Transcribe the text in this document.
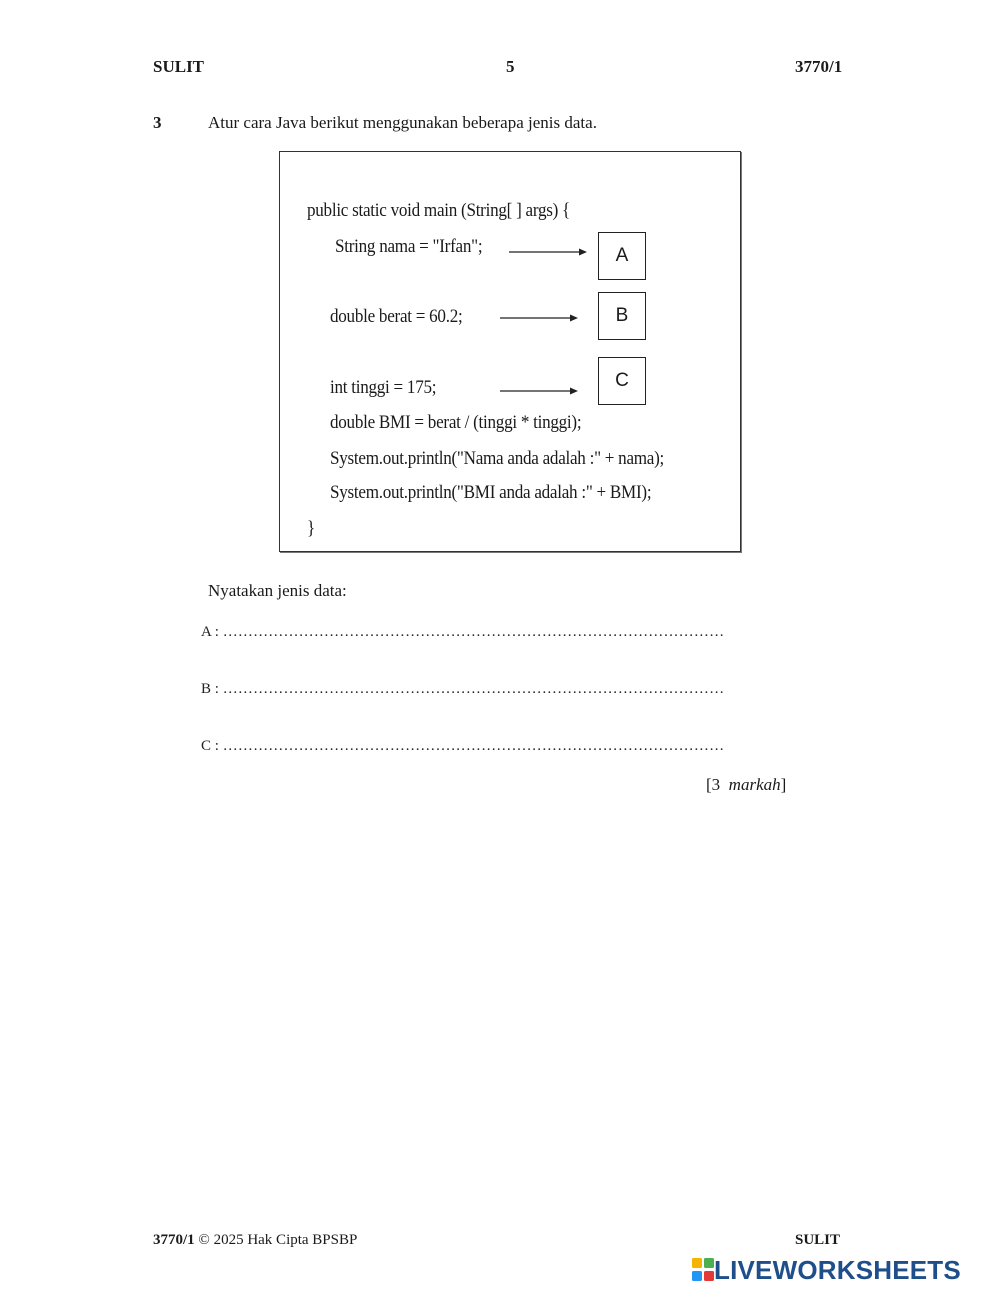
SULIT	5	3770/1
3	Atur cara Java berikut menggunakan beberapa jenis data.
public static void main (String[ ] args) {
String nama = "Irfan";	A
double berat = 60.2;	B
int tinggi = 175;	C
double BMI = berat / (tinggi * tinggi);
System.out.println("Nama anda adalah :" + nama);
System.out.println("BMI anda adalah :" + BMI);
}
Nyatakan jenis data:
A : ………………………………………………………………………………………
B : ………………………………………………………………………………………
C : ………………………………………………………………………………………
[3 markah]
3770/1 © 2025 Hak Cipta BPSBP	SULIT
LIVEWORKSHEETS
